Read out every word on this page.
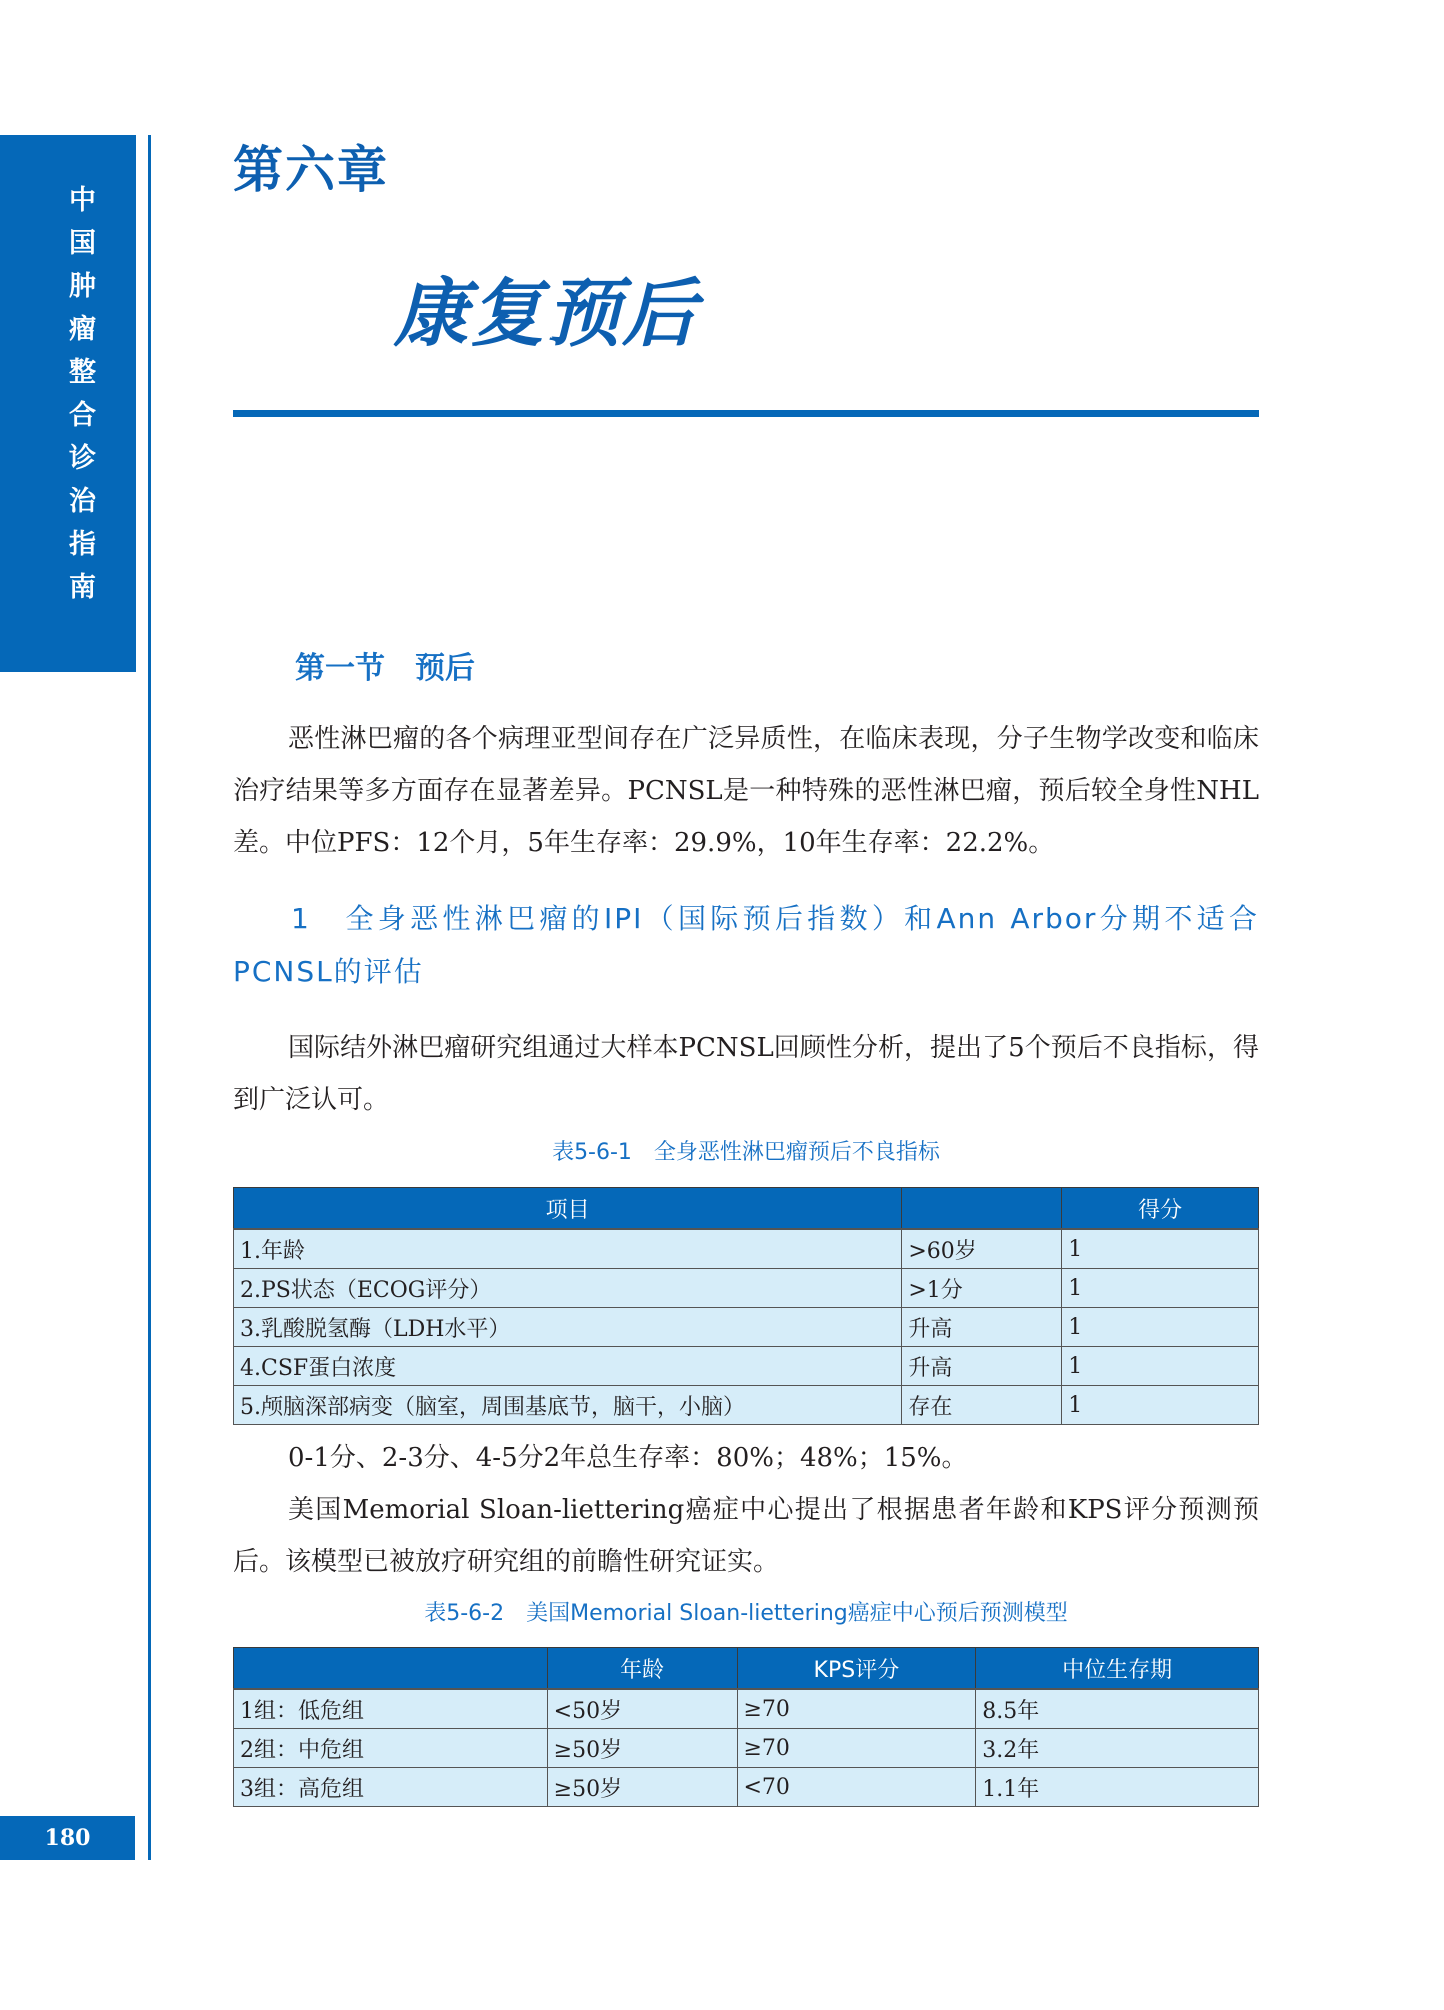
中国肿瘤整合诊治指南
180
第六章
康复预后
第一节　预后
恶性淋巴瘤的各个病理亚型间存在广泛异质性，在临床表现，分子生物学改变和临床治疗结果等多方面存在显著差异。PCNSL是一种特殊的恶性淋巴瘤，预后较全身性NHL差。中位PFS：12个月，5年生存率：29.9%，10年生存率：22.2%。
1　全身恶性淋巴瘤的IPI（国际预后指数）和Ann Arbor分期不适合PCNSL的评估
国际结外淋巴瘤研究组通过大样本PCNSL回顾性分析，提出了5个预后不良指标，得到广泛认可。
表5-6-1　全身恶性淋巴瘤预后不良指标
项目		得分
1.年龄	>60岁	1
2.PS状态（ECOG评分）	>1分	1
3.乳酸脱氢酶（LDH水平）	升高	1
4.CSF蛋白浓度	升高	1
5.颅脑深部病变（脑室，周围基底节，脑干，小脑）	存在	1
0-1分、2-3分、4-5分2年总生存率：80%；48%；15%。
美国Memorial Sloan-liettering癌症中心提出了根据患者年龄和KPS评分预测预后。该模型已被放疗研究组的前瞻性研究证实。
表5-6-2　美国Memorial Sloan-liettering癌症中心预后预测模型
	年龄	KPS评分	中位生存期
1组：低危组	<50岁	≥70	8.5年
2组：中危组	≥50岁	≥70	3.2年
3组：高危组	≥50岁	<70	1.1年
